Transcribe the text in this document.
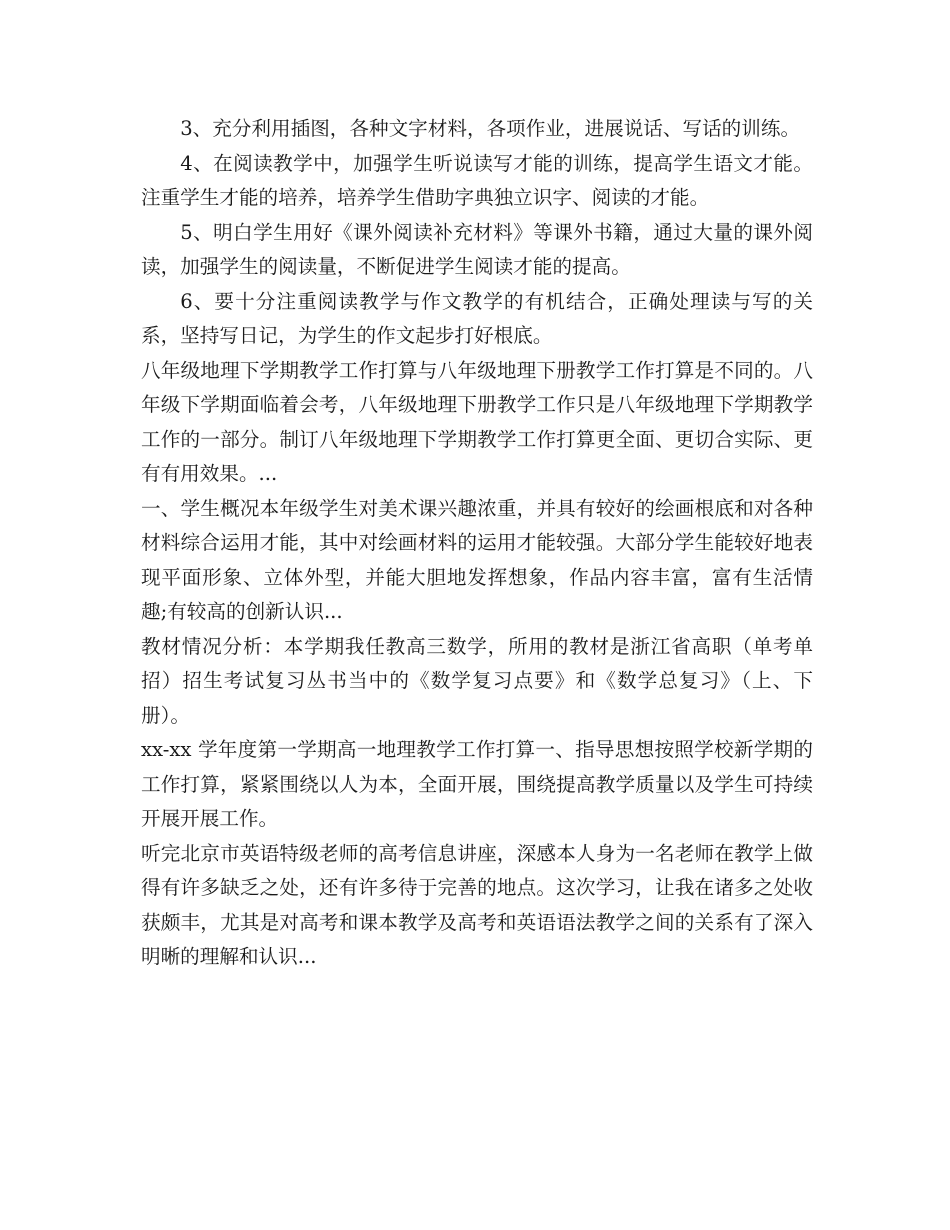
3、充分利用插图，各种文字材料，各项作业，进展说话、写话的训练。

4、在阅读教学中，加强学生听说读写才能的训练，提高学生语文才能。注重学生才能的培养，培养学生借助字典独立识字、阅读的才能。

5、明白学生用好《课外阅读补充材料》等课外书籍，通过大量的课外阅读，加强学生的阅读量，不断促进学生阅读才能的提高。

6、要十分注重阅读教学与作文教学的有机结合，正确处理读与写的关系，坚持写日记，为学生的作文起步打好根底。

八年级地理下学期教学工作打算与八年级地理下册教学工作打算是不同的。八年级下学期面临着会考，八年级地理下册教学工作只是八年级地理下学期教学工作的一部分。制订八年级地理下学期教学工作打算更全面、更切合实际、更有有用效果。...

一、学生概况本年级学生对美术课兴趣浓重，并具有较好的绘画根底和对各种材料综合运用才能，其中对绘画材料的运用才能较强。大部分学生能较好地表现平面形象、立体外型，并能大胆地发挥想象，作品内容丰富，富有生活情趣;有较高的创新认识...

教材情况分析：本学期我任教高三数学，所用的教材是浙江省高职（单考单招）招生考试复习丛书当中的《数学复习点要》和《数学总复习》（上、下册）。

xx-xx 学年度第一学期高一地理教学工作打算一、指导思想按照学校新学期的工作打算，紧紧围绕以人为本，全面开展，围绕提高教学质量以及学生可持续开展开展工作。

听完北京市英语特级老师的高考信息讲座，深感本人身为一名老师在教学上做得有许多缺乏之处，还有许多待于完善的地点。这次学习，让我在诸多之处收获颇丰，尤其是对高考和课本教学及高考和英语语法教学之间的关系有了深入明晰的理解和认识...
